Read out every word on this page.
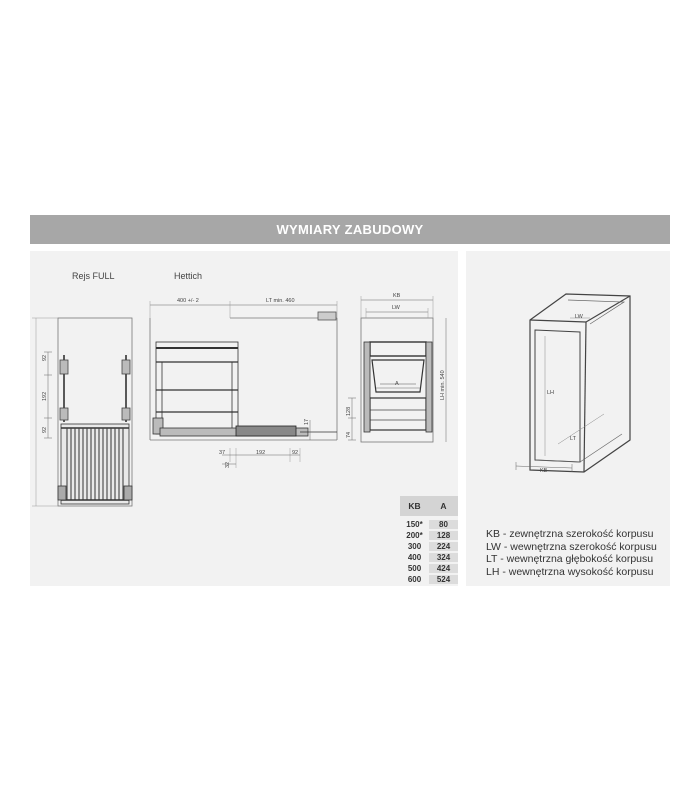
WYMIARY ZABUDOWY
Rejs FULL	Hettich
92
192
92
400 +/- 2	LT min. 460
17
37	192	92
32
KB
LW
A
128
74
LH min. 540
LW
LH
LT
KB
KB	A
150*	80
200*	128
300	224
400	324
500	424
600	524
KB - zewnętrzna szerokość korpusu
LW - wewnętrzna szerokość korpusu
LT - wewnętrzna głębokość korpusu
LH - wewnętrzna wysokość korpusu
